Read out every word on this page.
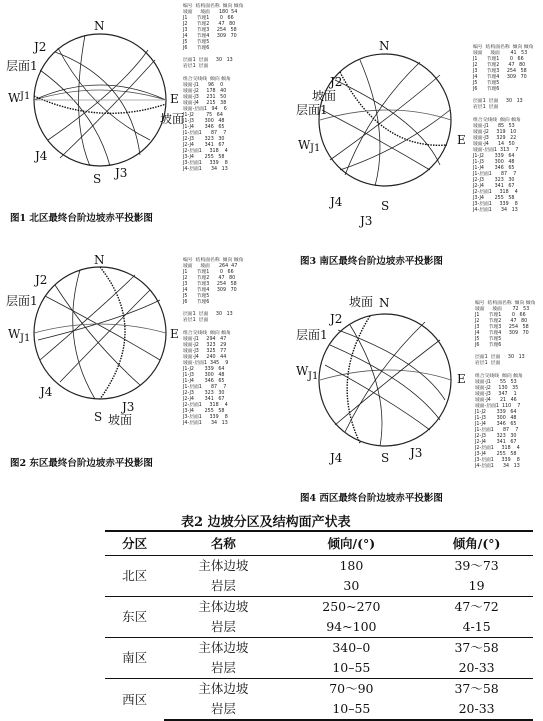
N
J2
层面1
W J1	E
坡面
J4
J3
S
编号  结构面名称  倾向 倾角
坡面     坡面      180  54
J1      节理1       0   66
J2      节理2      47   80
J3      节理3     254   58
J4      节理4     309   70
J5      节理5
J6      节理6

层面1  层面     30   13
岩层1  层面

组合交线线  倾向 倾角
坡面-J1      96    0
坡面-J2     178   40
坡面-J3     231   50
坡面-J4     215   38
坡面-层面1   94    6
J1-J2        75   64
J1-J3       300   48
J1-J4       346   65
J1-层面1      87    7
J2-J3       323   30
J2-J4       341   67
J2-层面1     318    4
J3-J4       255   58
J3-层面1     339    8
J4-层面1      34   13
图1 北区最终台阶边坡赤平投影图
N
J2
层面1
W J1	E
J4
J3
S 坡面
编号  结构面名称  倾向 倾角
坡面     坡面      264  47
J1      节理1       0   66
J2      节理2      47   80
J3      节理3     254   58
J4      节理4     309   70
J5      节理5
J6      节理6

层面1  层面     30   13
岩层1  层面

组合交线线  倾向 倾角
坡面-J1     294   47
坡面-J2     323   29
坡面-J3     325   77
坡面-J4     240   44
坡面-层面1  345    9
J1-J2       339   64
J1-J3       300   48
J1-J4       346   65
J1-层面1      87    7
J2-J3       323   30
J2-J4       341   67
J2-层面1     318    4
J3-J4       255   58
J3-层面1     339    8
J4-层面1      34   13
图2 东区最终台阶边坡赤平投影图
N
J2
坡面
层面1
W J1
E
J4	S
J3
编号  结构面名称  倾向 倾角
坡面     坡面       41   53
J1      节理1       0   66
J2      节理2      47   80
J3      节理3     254   58
J4      节理4     309   70
J5      节理5
J6      节理6

层面1  层面     30   13
岩层1  层面

组合交线线  倾向 倾角
坡面-J1      85   53
坡面-J2     319   10
坡面-J3     329   22
坡面-J4      14   50
坡面-层面1  313    7
J1-J2       339   64
J1-J3       300   48
J1-J4       346   65
J1-层面1      87    7
J2-J3       323   30
J2-J4       341   67
J2-层面1     318    4
J3-J4       255   58
J3-层面1     339    8
J4-层面1      34   13
图3 南区最终台阶边坡赤平投影图
N
坡面
J2
层面1
W J1	E
J4	S J3
编号  结构面名称  倾向 倾角
坡面     坡面       72   53
J1      节理1       0   66
J2      节理2      47   80
J3      节理3     254   58
J4      节理4     309   70
J5      节理5
J6      节理6

层面1  层面     30   13
岩层1  层面

组合交线线  倾向 倾角
坡面-J1      55   53
坡面-J2     130   35
坡面-J3     347    1
坡面-J4      21   46
坡面-层面1  110    7
J1-J2       339   64
J1-J3       300   48
J1-J4       346   65
J1-层面1      87    7
J2-J3       323   30
J2-J4       341   67
J2-层面1     318    4
J3-J4       255   58
J3-层面1     339    8
J4-层面1      34   13
图4 西区最终台阶边坡赤平投影图
表2 边坡分区及结构面产状表
分区	名称	倾向/(°)	倾角/(°)
北区	主体边坡	180	39～73
	岩层	30	19
东区	主体边坡	250~270	47～72
	岩层	94~100	4-15
南区	主体边坡	340–0	37～58
	岩层	10–55	20-33
西区	主体边坡	70～90	37～58
	岩层	10–55	20-33
